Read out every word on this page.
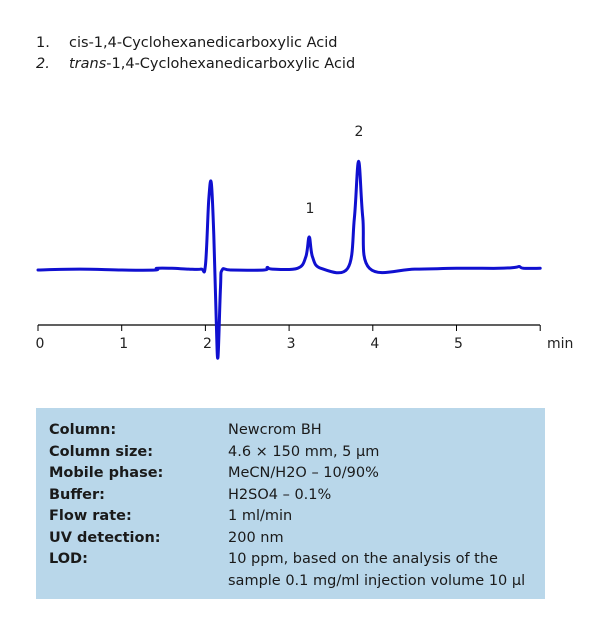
1.	cis -1,4-Cyclohexanedicarboxylic Acid
2.	trans -1,4-Cyclohexanedicarboxylic Acid
0	1	2	3	4	5	min
1
2
Column:	Newcrom BH
Column size:	4.6 × 150 mm, 5 µm
Mobile phase:	MeCN/H2O – 10/90%
Buffer:	H2SO4 – 0.1%
Flow rate:	1 ml/min
UV detection:	200 nm
LOD:	10 ppm, based on the analysis of the
sample 0.1 mg/ml injection volume 10 µl
